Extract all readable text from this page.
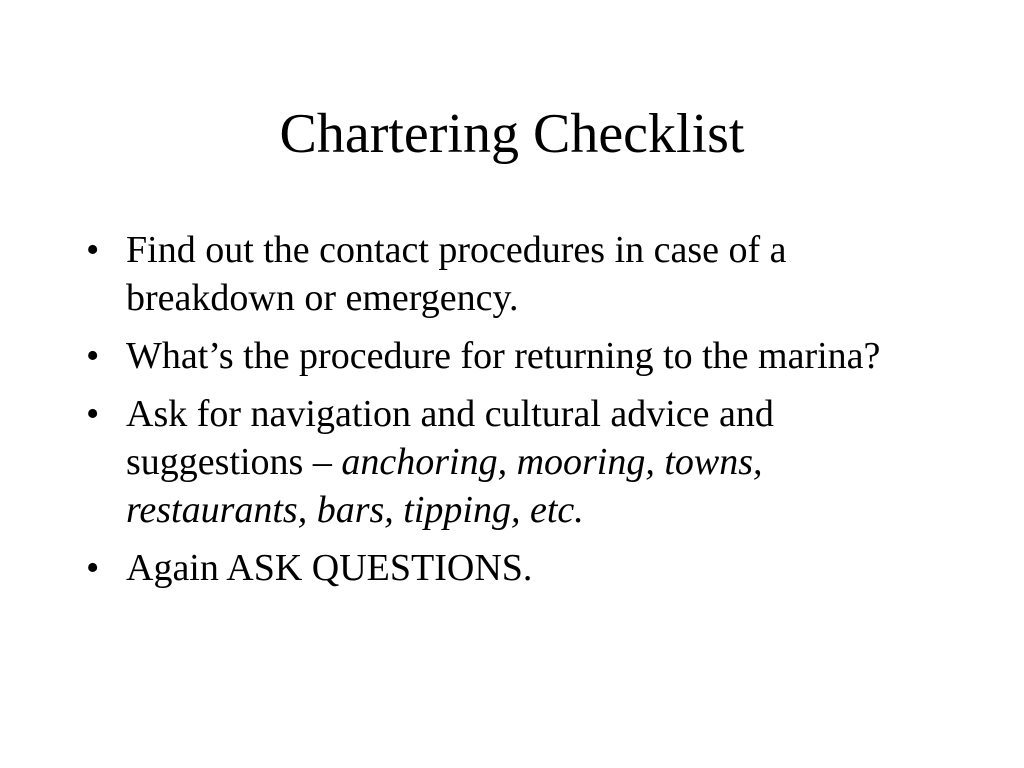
Chartering Checklist
• Find out the contact procedures in case of a breakdown or emergency.
• What’s the procedure for returning to the marina?
• Ask for navigation and cultural advice and suggestions – anchoring, mooring, towns, restaurants, bars, tipping, etc.
• Again ASK QUESTIONS.
